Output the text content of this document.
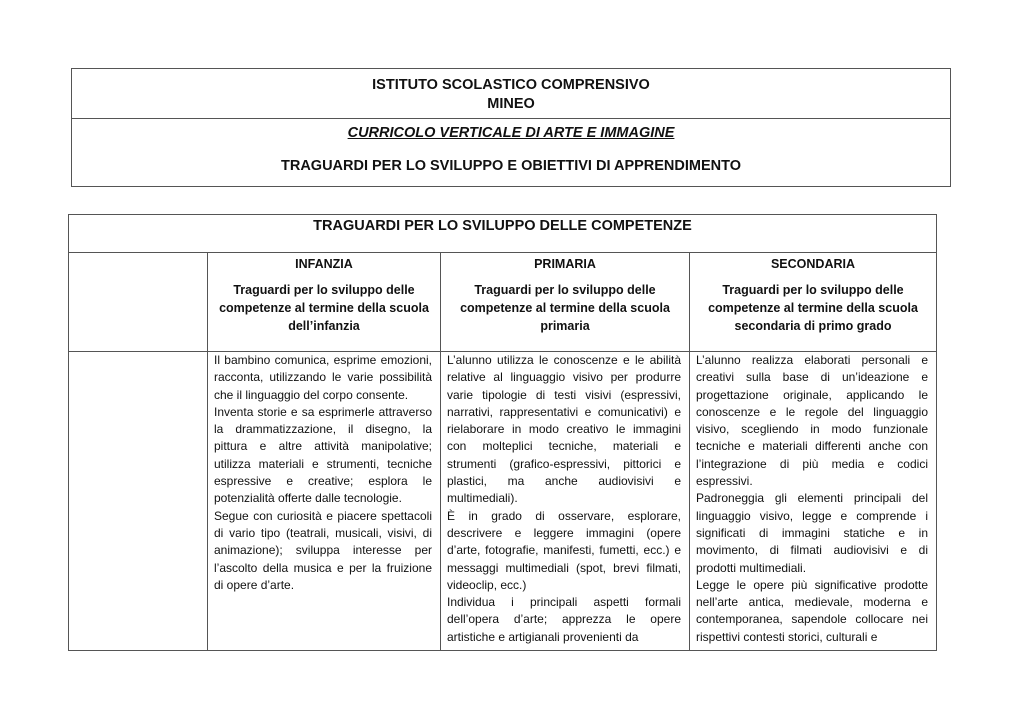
ISTITUTO SCOLASTICO COMPRENSIVO
MINEO
CURRICOLO VERTICALE DI ARTE E IMMAGINE
TRAGUARDI PER LO SVILUPPO E OBIETTIVI DI APPRENDIMENTO
TRAGUARDI PER LO SVILUPPO DELLE COMPETENZE
INFANZIA
Traguardi per lo sviluppo delle competenze al termine della scuola dell’infanzia
PRIMARIA
Traguardi per lo sviluppo delle competenze al termine della scuola primaria
SECONDARIA
Traguardi per lo sviluppo delle competenze al termine della scuola secondaria di primo grado

Il bambino comunica, esprime emozioni, racconta, utilizzando le varie possibilità che il linguaggio del corpo consente.

Inventa storie e sa esprimerle attraverso la drammatizzazione, il disegno, la pittura e altre attività manipolative; utilizza materiali e strumenti, tecniche espressive e creative; esplora le potenzialità offerte dalle tecnologie.

Segue con curiosità e piacere spettacoli di vario tipo (teatrali, musicali, visivi, di animazione); sviluppa interesse per l’ascolto della musica e per la fruizione di opere d’arte.

L’alunno utilizza le conoscenze e le abilità relative al linguaggio visivo per produrre varie tipologie di testi visivi (espressivi, narrativi, rappresentativi e comunicativi) e rielaborare in modo creativo le immagini con molteplici tecniche, materiali e strumenti (grafico-espressivi, pittorici e plastici, ma anche audiovisivi e multimediali).

È in grado di osservare, esplorare, descrivere e leggere immagini (opere d’arte, fotografie, manifesti, fumetti, ecc.) e messaggi multimediali (spot, brevi filmati, videoclip, ecc.)

Individua i principali aspetti formali dell’opera d’arte; apprezza le opere artistiche e artigianali provenienti da

L’alunno realizza elaborati personali e creativi sulla base di un’ideazione e progettazione originale, applicando le conoscenze e le regole del linguaggio visivo, scegliendo in modo funzionale tecniche e materiali differenti anche con l’integrazione di più media e codici espressivi.

Padroneggia gli elementi principali del linguaggio visivo, legge e comprende i significati di immagini statiche e in movimento, di filmati audiovisivi e di prodotti multimediali.

Legge le opere più significative prodotte nell’arte antica, medievale, moderna e contemporanea, sapendole collocare nei rispettivi contesti storici, culturali e
